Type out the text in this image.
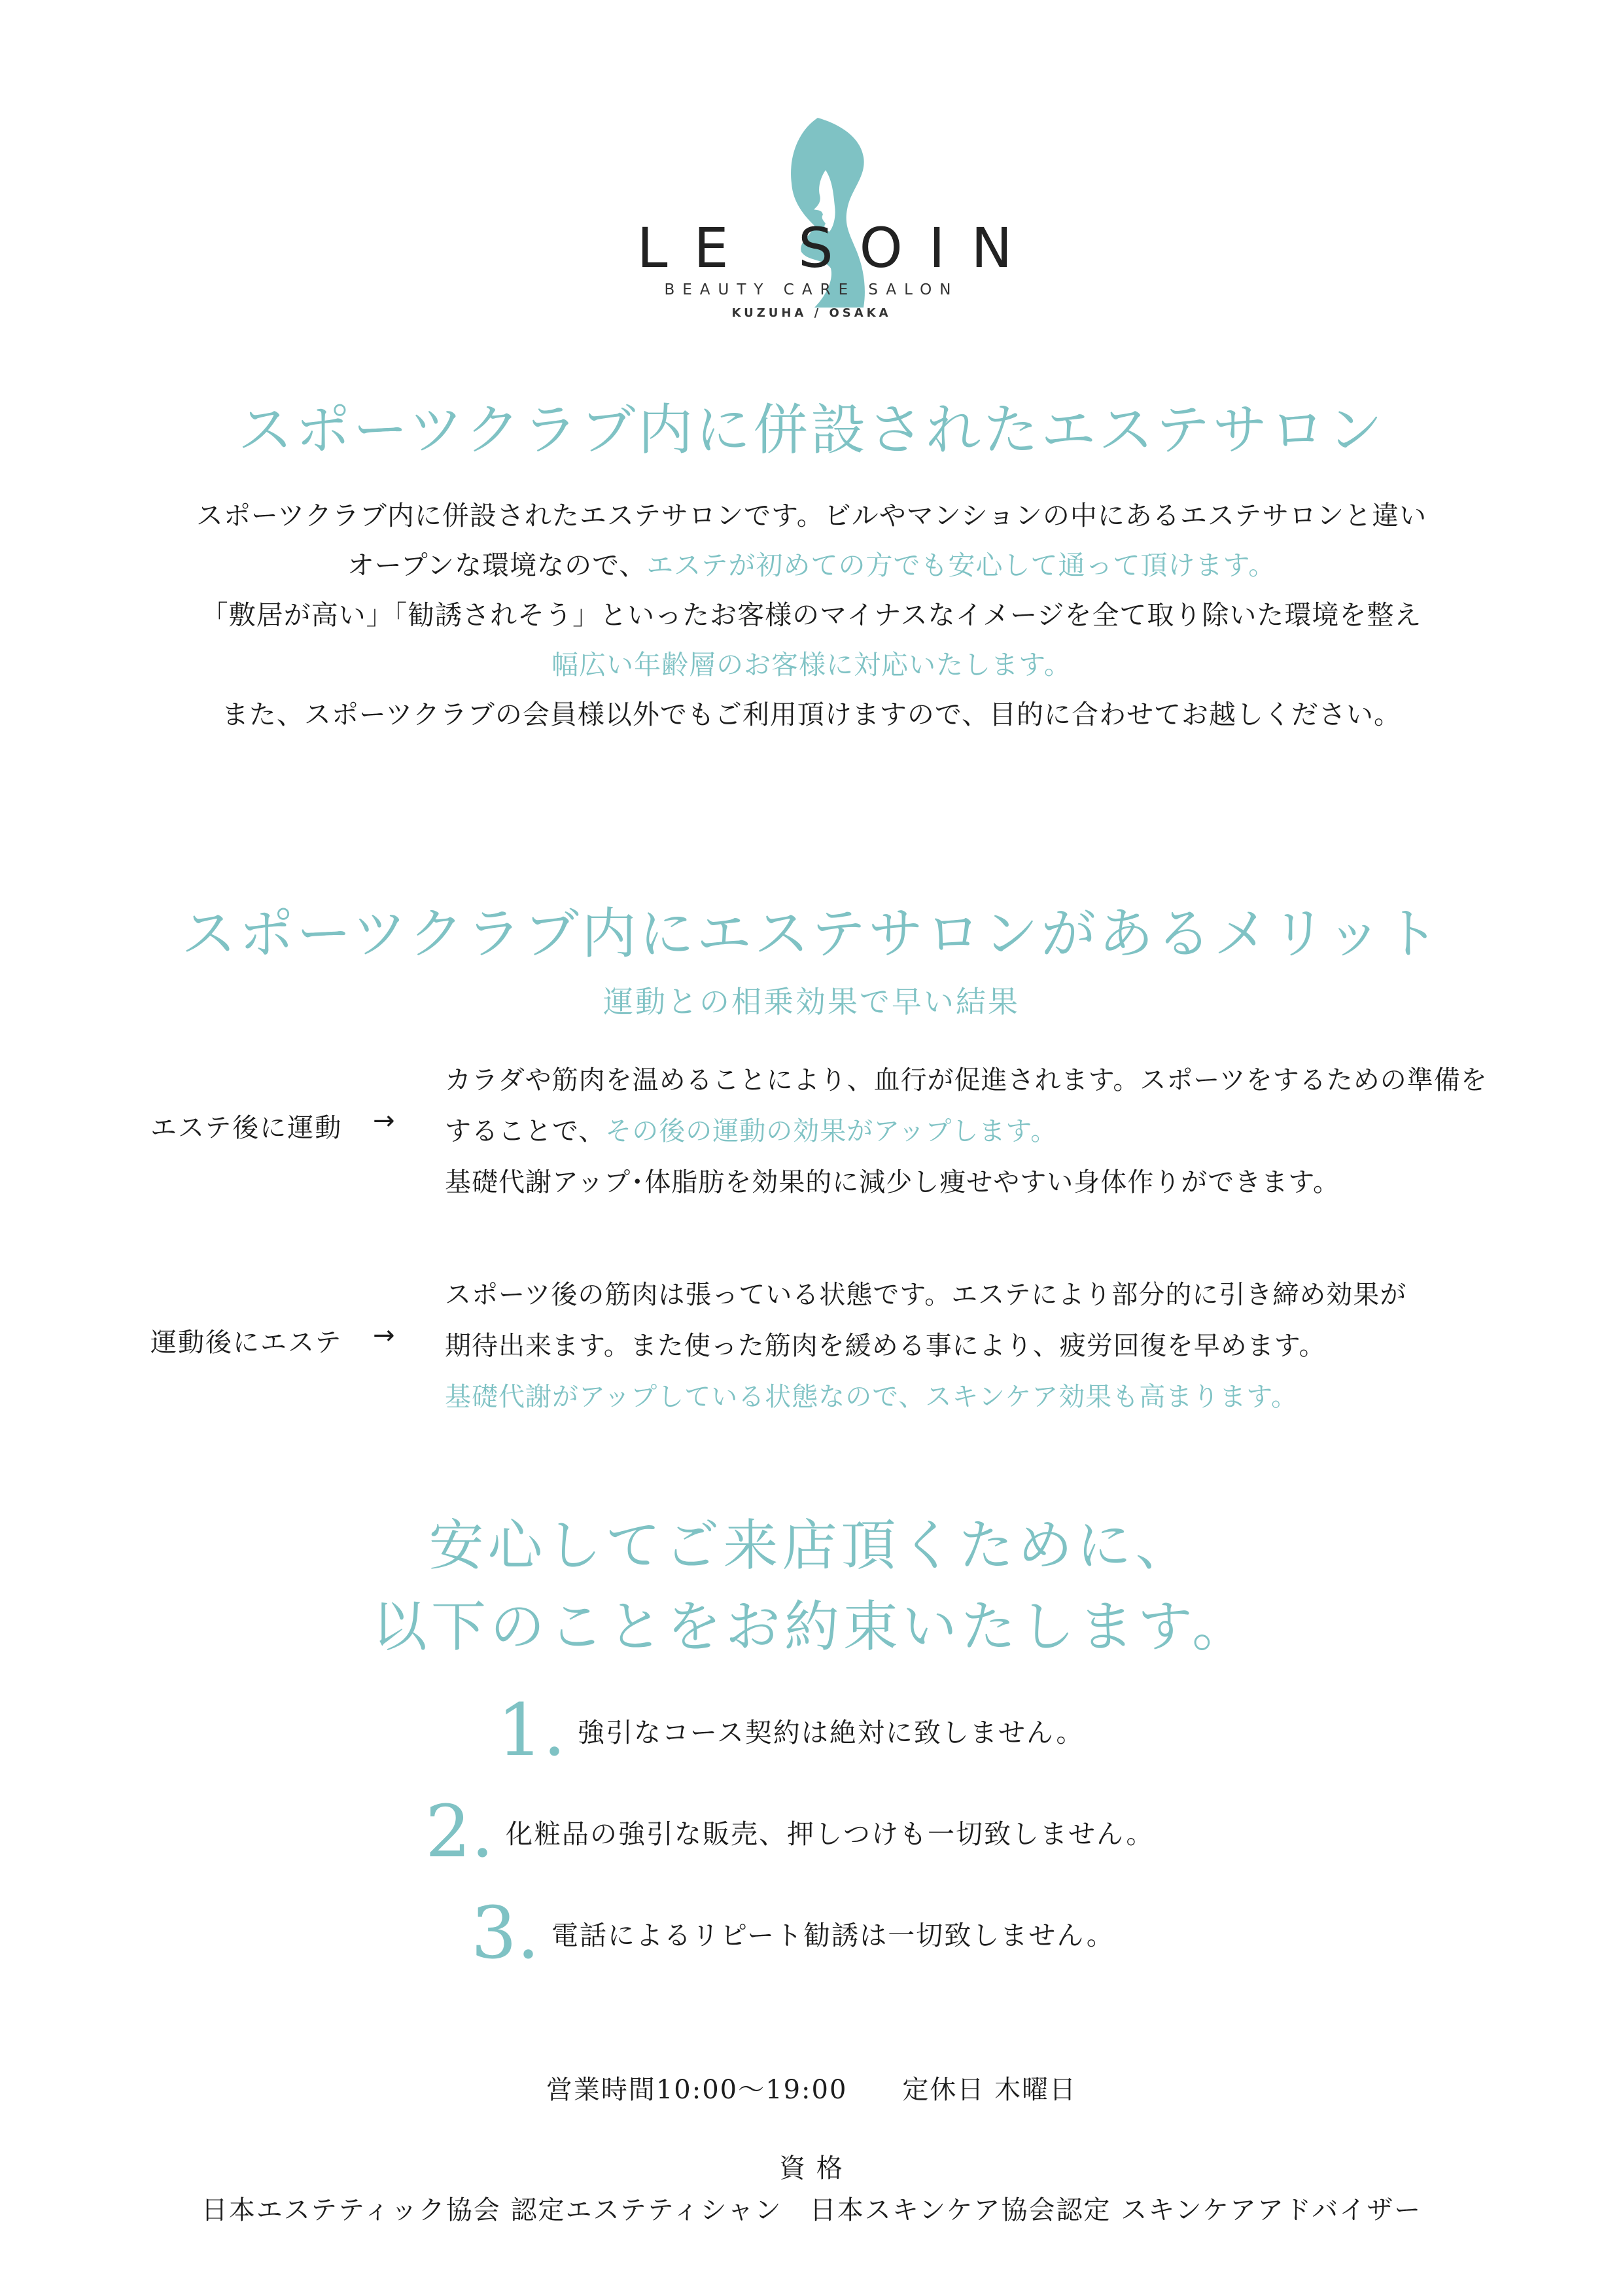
LE SOIN
BEAUTY CARE SALON
KUZUHA / OSAKA
スポーツクラブ内に併設されたエステサロン
スポーツクラブ内に併設されたエステサロンです。ビルやマンションの中にあるエステサロンと違い
オープンな環境なので、エステが初めての方でも安心して通って頂けます。
「敷居が高い」「勧誘されそう」といったお客様のマイナスなイメージを全て取り除いた環境を整え
幅広い年齢層のお客様に対応いたします。
また、スポーツクラブの会員様以外でもご利用頂けますので、目的に合わせてお越しください。
スポーツクラブ内にエステサロンがあるメリット
運動との相乗効果で早い結果
エステ後に運動 →
カラダや筋肉を温めることにより、血行が促進されます。スポーツをするための準備を
することで、その後の運動の効果がアップします。
基礎代謝アップ･体脂肪を効果的に減少し痩せやすい身体作りができます。
運動後にエステ →
スポーツ後の筋肉は張っている状態です。エステにより部分的に引き締め効果が
期待出来ます。また使った筋肉を緩める事により、疲労回復を早めます。
基礎代謝がアップしている状態なので、スキンケア効果も高まります。
安心してご来店頂くために、
以下のことをお約束いたします。
1. 強引なコース契約は絶対に致しません。
2. 化粧品の強引な販売、押しつけも一切致しません。
3. 電話によるリピート勧誘は一切致しません。
営業時間10:00～19:00　　定休日 木曜日
資 格
日本エステティック協会 認定エステティシャン　日本スキンケア協会認定 スキンケアアドバイザー
